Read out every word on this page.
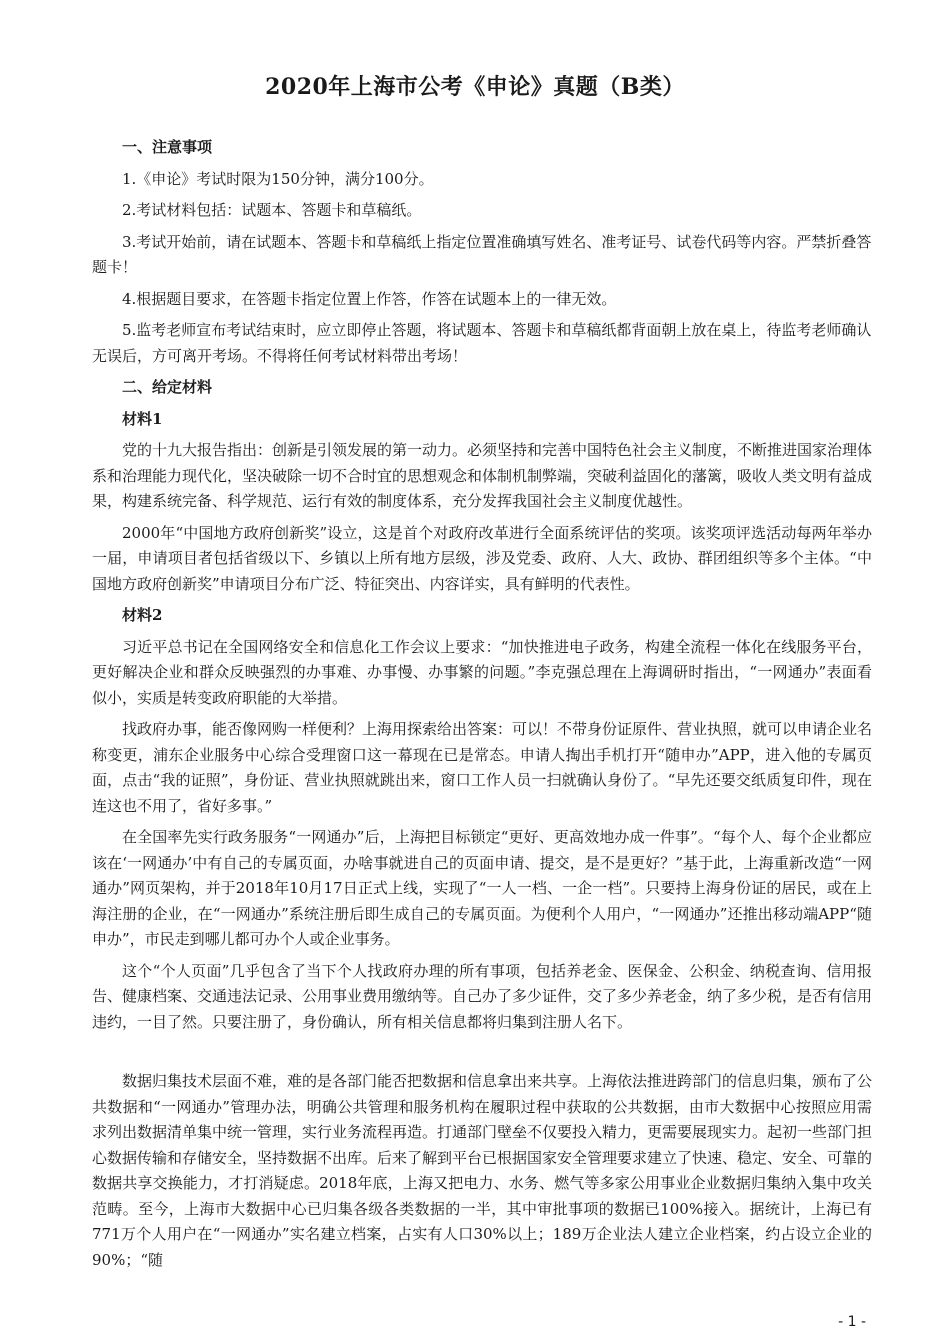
2020年上海市公考《申论》真题（B类）
一、注意事项
1.《申论》考试时限为150分钟，满分100分。
2.考试材料包括：试题本、答题卡和草稿纸。
3.考试开始前，请在试题本、答题卡和草稿纸上指定位置准确填写姓名、准考证号、试卷代码等内容。严禁折叠答题卡！
4.根据题目要求，在答题卡指定位置上作答，作答在试题本上的一律无效。
5.监考老师宣布考试结束时，应立即停止答题，将试题本、答题卡和草稿纸都背面朝上放在桌上，待监考老师确认无误后，方可离开考场。不得将任何考试材料带出考场！
二、给定材料
材料1
党的十九大报告指出：创新是引领发展的第一动力。必须坚持和完善中国特色社会主义制度，不断推进国家治理体系和治理能力现代化，坚决破除一切不合时宜的思想观念和体制机制弊端，突破利益固化的藩篱，吸收人类文明有益成果，构建系统完备、科学规范、运行有效的制度体系，充分发挥我国社会主义制度优越性。
2000年“中国地方政府创新奖”设立，这是首个对政府改革进行全面系统评估的奖项。该奖项评选活动每两年举办一届，申请项目者包括省级以下、乡镇以上所有地方层级，涉及党委、政府、人大、政协、群团组织等多个主体。“中国地方政府创新奖”申请项目分布广泛、特征突出、内容详实，具有鲜明的代表性。
材料2
习近平总书记在全国网络安全和信息化工作会议上要求：“加快推进电子政务，构建全流程一体化在线服务平台，更好解决企业和群众反映强烈的办事难、办事慢、办事繁的问题。”李克强总理在上海调研时指出，“一网通办”表面看似小，实质是转变政府职能的大举措。
找政府办事，能否像网购一样便利？上海用探索给出答案：可以！不带身份证原件、营业执照，就可以申请企业名称变更，浦东企业服务中心综合受理窗口这一幕现在已是常态。申请人掏出手机打开“随申办”APP，进入他的专属页面，点击“我的证照”，身份证、营业执照就跳出来，窗口工作人员一扫就确认身份了。“早先还要交纸质复印件，现在连这也不用了，省好多事。”
在全国率先实行政务服务“一网通办”后，上海把目标锁定“更好、更高效地办成一件事”。“每个人、每个企业都应该在‘一网通办’中有自己的专属页面，办啥事就进自己的页面申请、提交，是不是更好？”基于此，上海重新改造“一网通办”网页架构，并于2018年10月17日正式上线，实现了“一人一档、一企一档”。只要持上海身份证的居民，或在上海注册的企业，在“一网通办”系统注册后即生成自己的专属页面。为便利个人用户，“一网通办”还推出移动端APP“随申办”，市民走到哪儿都可办个人或企业事务。
这个“个人页面”几乎包含了当下个人找政府办理的所有事项，包括养老金、医保金、公积金、纳税查询、信用报告、健康档案、交通违法记录、公用事业费用缴纳等。自己办了多少证件，交了多少养老金，纳了多少税，是否有信用违约，一目了然。只要注册了，身份确认，所有相关信息都将归集到注册人名下。
数据归集技术层面不难，难的是各部门能否把数据和信息拿出来共享。上海依法推进跨部门的信息归集，颁布了公共数据和“一网通办”管理办法，明确公共管理和服务机构在履职过程中获取的公共数据，由市大数据中心按照应用需求列出数据清单集中统一管理，实行业务流程再造。打通部门壁垒不仅要投入精力，更需要展现实力。起初一些部门担心数据传输和存储安全，坚持数据不出库。后来了解到平台已根据国家安全管理要求建立了快速、稳定、安全、可靠的数据共享交换能力，才打消疑虑。2018年底，上海又把电力、水务、燃气等多家公用事业企业数据归集纳入集中攻关范畴。至今，上海市大数据中心已归集各级各类数据的一半，其中审批事项的数据已100%接入。据统计，上海已有771万个人用户在“一网通办”实名建立档案，占实有人口30%以上；189万企业法人建立企业档案，约占设立企业的90%；“随
- 1 -
